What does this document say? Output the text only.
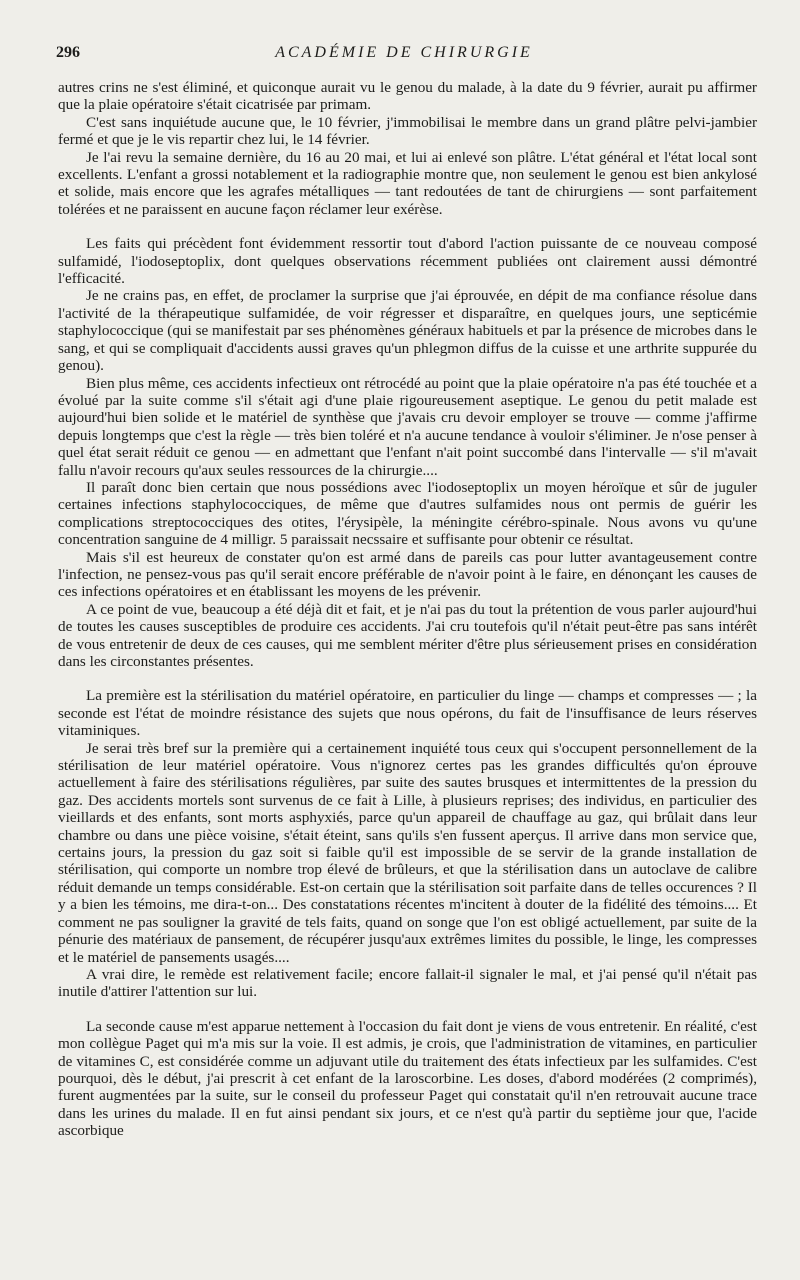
296	ACADÉMIE DE CHIRURGIE

autres crins ne s'est éliminé, et quiconque aurait vu le genou du malade, à la date du 9 février, aurait pu affirmer que la plaie opératoire s'était cicatrisée par primam.

C'est sans inquiétude aucune que, le 10 février, j'immobilisai le membre dans un grand plâtre pelvi-jambier fermé et que je le vis repartir chez lui, le 14 février.

Je l'ai revu la semaine dernière, du 16 au 20 mai, et lui ai enlevé son plâtre. L'état général et l'état local sont excellents. L'enfant a grossi notablement et la radiographie montre que, non seulement le genou est bien ankylosé et solide, mais encore que les agrafes métalliques — tant redoutées de tant de chirurgiens — sont parfaitement tolérées et ne paraissent en aucune façon réclamer leur exérèse.

Les faits qui précèdent font évidemment ressortir tout d'abord l'action puissante de ce nouveau composé sulfamidé, l'iodoseptoplix, dont quelques observations récemment publiées ont clairement aussi démontré l'efficacité.

Je ne crains pas, en effet, de proclamer la surprise que j'ai éprouvée, en dépit de ma confiance résolue dans l'activité de la thérapeutique sulfamidée, de voir régresser et disparaître, en quelques jours, une septicémie staphylococcique (qui se manifestait par ses phénomènes généraux habituels et par la présence de microbes dans le sang, et qui se compliquait d'accidents aussi graves qu'un phlegmon diffus de la cuisse et une arthrite suppurée du genou).

Bien plus même, ces accidents infectieux ont rétrocédé au point que la plaie opératoire n'a pas été touchée et a évolué par la suite comme s'il s'était agi d'une plaie rigoureusement aseptique. Le genou du petit malade est aujourd'hui bien solide et le matériel de synthèse que j'avais cru devoir employer se trouve — comme j'affirme depuis longtemps que c'est la règle — très bien toléré et n'a aucune tendance à vouloir s'éliminer. Je n'ose penser à quel état serait réduit ce genou — en admettant que l'enfant n'ait point succombé dans l'intervalle — s'il m'avait fallu n'avoir recours qu'aux seules ressources de la chirurgie....

Il paraît donc bien certain que nous possédions avec l'iodoseptoplix un moyen héroïque et sûr de juguler certaines infections staphylococciques, de même que d'autres sulfamides nous ont permis de guérir les complications streptococciques des otites, l'érysipèle, la méningite cérébro-spinale. Nous avons vu qu'une concentration sanguine de 4 milligr. 5 paraissait necssaire et suffisante pour obtenir ce résultat.

Mais s'il est heureux de constater qu'on est armé dans de pareils cas pour lutter avantageusement contre l'infection, ne pensez-vous pas qu'il serait encore préférable de n'avoir point à le faire, en dénonçant les causes de ces infections opératoires et en établissant les moyens de les prévenir.

A ce point de vue, beaucoup a été déjà dit et fait, et je n'ai pas du tout la prétention de vous parler aujourd'hui de toutes les causes susceptibles de produire ces accidents. J'ai cru toutefois qu'il n'était peut-être pas sans intérêt de vous entretenir de deux de ces causes, qui me semblent mériter d'être plus sérieusement prises en considération dans les circonstantes présentes.

La première est la stérilisation du matériel opératoire, en particulier du linge — champs et compresses — ; la seconde est l'état de moindre résistance des sujets que nous opérons, du fait de l'insuffisance de leurs réserves vitaminiques.

Je serai très bref sur la première qui a certainement inquiété tous ceux qui s'occupent personnellement de la stérilisation de leur matériel opératoire. Vous n'ignorez certes pas les grandes difficultés qu'on éprouve actuellement à faire des stérilisations régulières, par suite des sautes brusques et intermittentes de la pression du gaz. Des accidents mortels sont survenus de ce fait à Lille, à plusieurs reprises; des individus, en particulier des vieillards et des enfants, sont morts asphyxiés, parce qu'un appareil de chauffage au gaz, qui brûlait dans leur chambre ou dans une pièce voisine, s'était éteint, sans qu'ils s'en fussent aperçus. Il arrive dans mon service que, certains jours, la pression du gaz soit si faible qu'il est impossible de se servir de la grande installation de stérilisation, qui comporte un nombre trop élevé de brûleurs, et que la stérilisation dans un autoclave de calibre réduit demande un temps considérable. Est-on certain que la stérilisation soit parfaite dans de telles occurences ? Il y a bien les témoins, me dira-t-on... Des constatations récentes m'incitent à douter de la fidélité des témoins.... Et comment ne pas souligner la gravité de tels faits, quand on songe que l'on est obligé actuellement, par suite de la pénurie des matériaux de pansement, de récupérer jusqu'aux extrêmes limites du possible, le linge, les compresses et le matériel de pansements usagés....

A vrai dire, le remède est relativement facile; encore fallait-il signaler le mal, et j'ai pensé qu'il n'était pas inutile d'attirer l'attention sur lui.

La seconde cause m'est apparue nettement à l'occasion du fait dont je viens de vous entretenir. En réalité, c'est mon collègue Paget qui m'a mis sur la voie. Il est admis, je crois, que l'administration de vitamines, en particulier de vitamines C, est considérée comme un adjuvant utile du traitement des états infectieux par les sulfamides. C'est pourquoi, dès le début, j'ai prescrit à cet enfant de la laroscorbine. Les doses, d'abord modérées (2 comprimés), furent augmentées par la suite, sur le conseil du professeur Paget qui constatait qu'il n'en retrouvait aucune trace dans les urines du malade. Il en fut ainsi pendant six jours, et ce n'est qu'à partir du septième jour que, l'acide ascorbique
